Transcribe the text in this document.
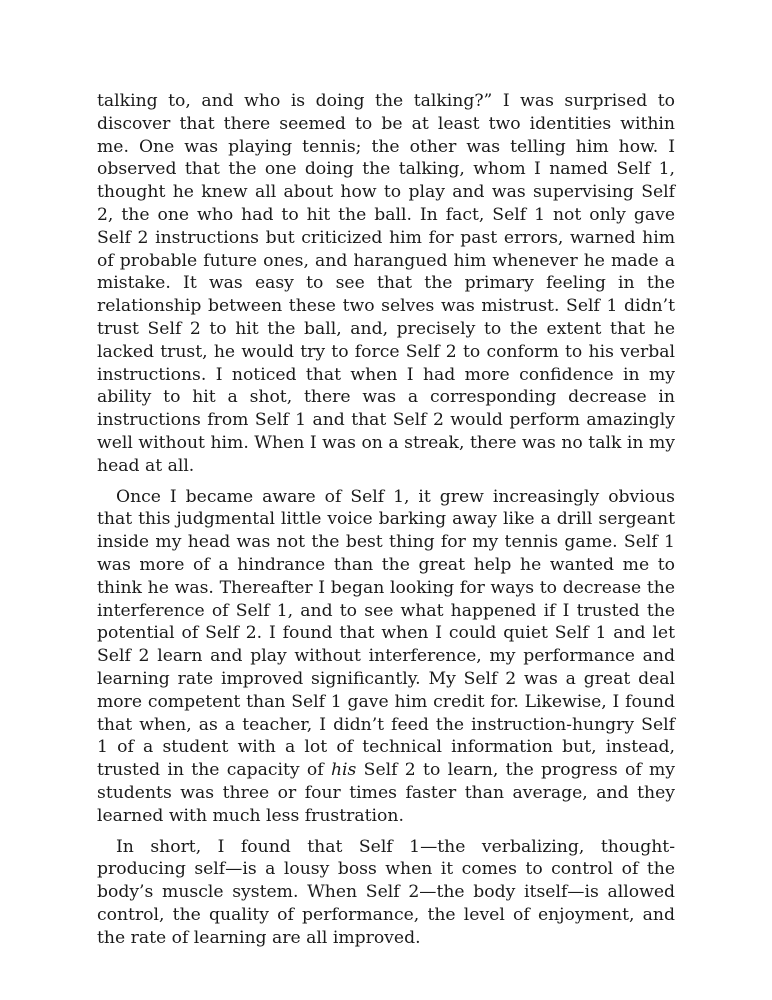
talking to, and who is doing the talking?” I was surprised to discover that there seemed to be at least two identities within me. One was playing tennis; the other was telling him how. I observed that the one doing the talking, whom I named Self 1, thought he knew all about how to play and was supervising Self 2, the one who had to hit the ball. In fact, Self 1 not only gave Self 2 instructions but criticized him for past errors, warned him of probable future ones, and harangued him whenever he made a mistake. It was easy to see that the primary feeling in the relationship between these two selves was mistrust. Self 1 didn’t trust Self 2 to hit the ball, and, precisely to the extent that he lacked trust, he would try to force Self 2 to conform to his verbal instructions. I noticed that when I had more confidence in my ability to hit a shot, there was a corresponding decrease in instructions from Self 1 and that Self 2 would perform amazingly well without him. When I was on a streak, there was no talk in my head at all.

Once I became aware of Self 1, it grew increasingly obvious that this judgmental little voice barking away like a drill sergeant inside my head was not the best thing for my tennis game. Self 1 was more of a hindrance than the great help he wanted me to think he was. Thereafter I began looking for ways to decrease the interference of Self 1, and to see what happened if I trusted the potential of Self 2. I found that when I could quiet Self 1 and let Self 2 learn and play without interference, my performance and learning rate improved significantly. My Self 2 was a great deal more competent than Self 1 gave him credit for. Likewise, I found that when, as a teacher, I didn’t feed the instruction-hungry Self 1 of a student with a lot of technical information but, instead, trusted in the capacity of his Self 2 to learn, the progress of my students was three or four times faster than average, and they learned with much less frustration.

In short, I found that Self 1—the verbalizing, thought-producing self—is a lousy boss when it comes to control of the body’s muscle system. When Self 2—the body itself—is allowed control, the quality of performance, the level of enjoyment, and the rate of learning are all improved.
